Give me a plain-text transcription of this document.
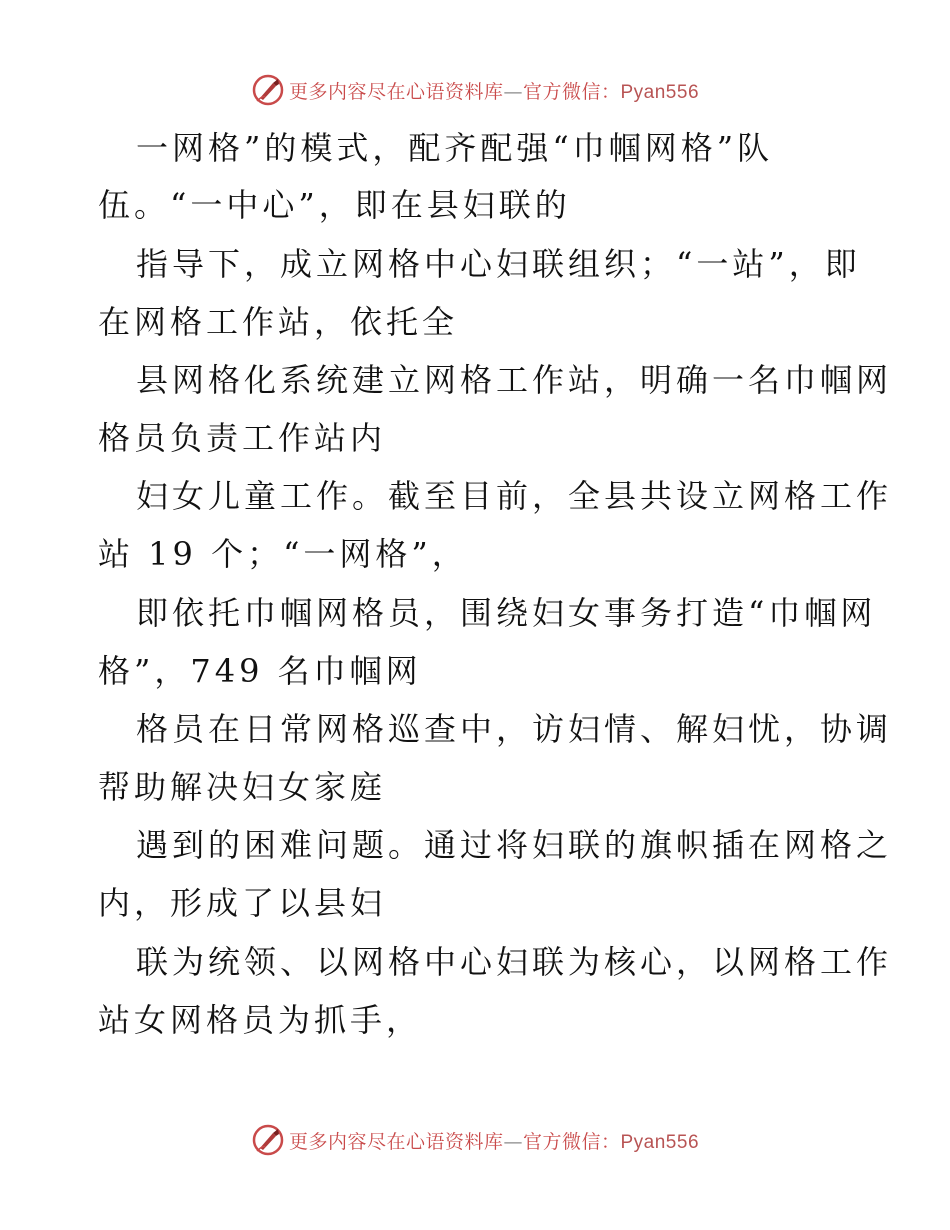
更多内容尽在心语资料库—官方微信：Pyan556
一网格”的模式，配齐配强“巾帼网格”队
伍。“一中心”，即在县妇联的
指导下，成立网格中心妇联组织；“一站”，即
在网格工作站，依托全
县网格化系统建立网格工作站，明确一名巾帼网
格员负责工作站内
妇女儿童工作。截至目前，全县共设立网格工作
站 19 个；“一网格”，
即依托巾帼网格员，围绕妇女事务打造“巾帼网
格”，749 名巾帼网
格员在日常网格巡查中，访妇情、解妇忧，协调
帮助解决妇女家庭
遇到的困难问题。通过将妇联的旗帜插在网格之
内，形成了以县妇
联为统领、以网格中心妇联为核心，以网格工作
站女网格员为抓手，
更多内容尽在心语资料库—官方微信：Pyan556
